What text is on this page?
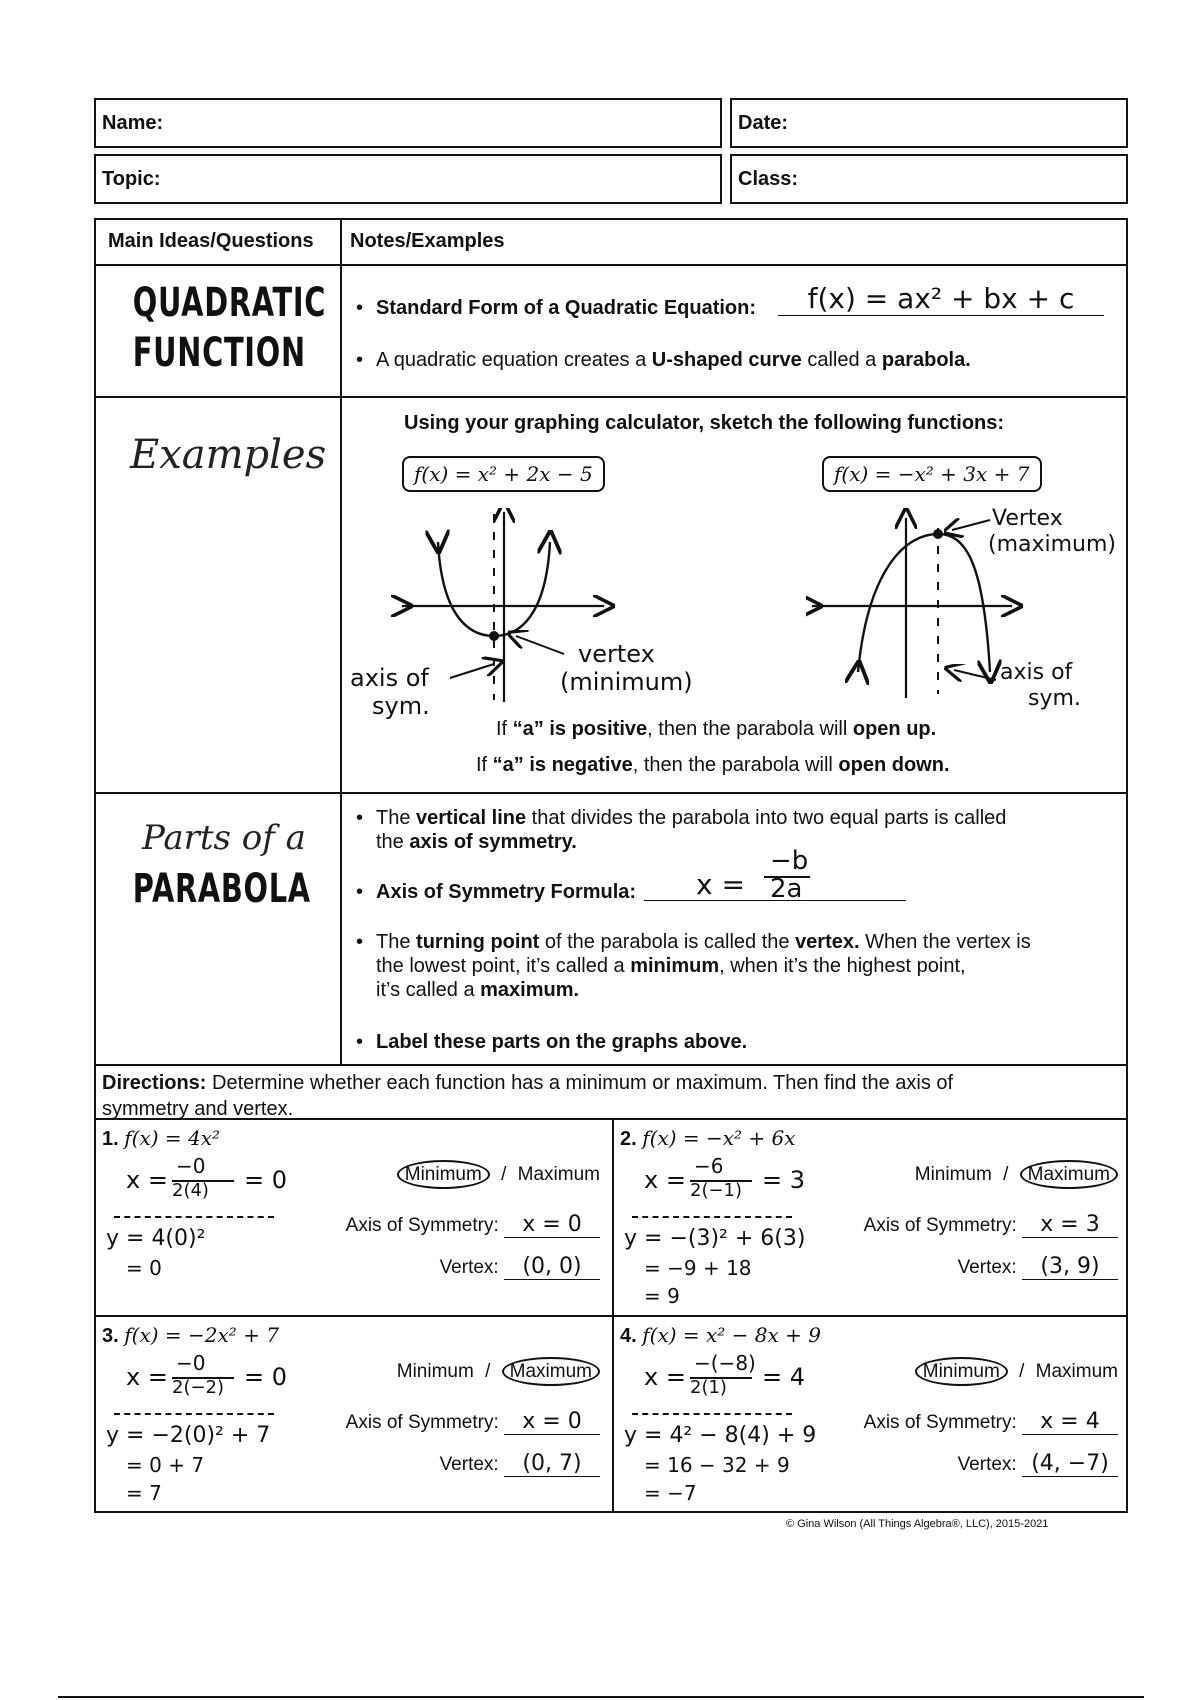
Name:	Date:
Topic:	Class:
Main Ideas/Questions Notes/Examples
QUADRATIC
FUNCTION
• Standard Form of a Quadratic Equation:	f(x) = ax² + bx + c
• A quadratic equation creates a U-shaped curve called a parabola.
Examples
Using your graphing calculator, sketch the following functions:
f(x) = x² + 2x − 5	f(x) = −x² + 3x + 7
axis of
sym.
vertex
(minimum)
Vertex
(maximum)
axis of
sym.
If “a” is positive, then the parabola will open up.
If “a” is negative, then the parabola will open down.
Parts of a
PARABOLA
• The vertical line that divides the parabola into two equal parts is called
the axis of symmetry.
• Axis of Symmetry Formula: x =
−b
2a
• The turning point of the parabola is called the vertex. When the vertex is
the lowest point, it’s called a minimum, when it’s the highest point,
it’s called a maximum.
• Label these parts on the graphs above.
Directions: Determine whether each function has a minimum or maximum. Then find the axis of
symmetry and vertex.
1. f(x) = 4x²
x = −0
2(4) = 0
y = 4(0)²
= 0
Minimum / Maximum
Axis of Symmetry: x = 0
Vertex: (0, 0)
2. f(x) = −x² + 6x
x = −6
2(−1) = 3
y = −(3)² + 6(3)
= −9 + 18
= 9
Minimum / Maximum
Axis of Symmetry: x = 3
Vertex: (3, 9)
3. f(x) = −2x² + 7
x = −0
2(−2) = 0
y = −2(0)² + 7
= 0 + 7
= 7
Minimum / Maximum
Axis of Symmetry: x = 0
Vertex: (0, 7)
4. f(x) = x² − 8x + 9
x = −(−8)
2(1) = 4
y = 4² − 8(4) + 9
= 16 − 32 + 9
= −7
Minimum / Maximum
Axis of Symmetry: x = 4
Vertex: (4, −7)
© Gina Wilson (All Things Algebra®, LLC), 2015-2021
